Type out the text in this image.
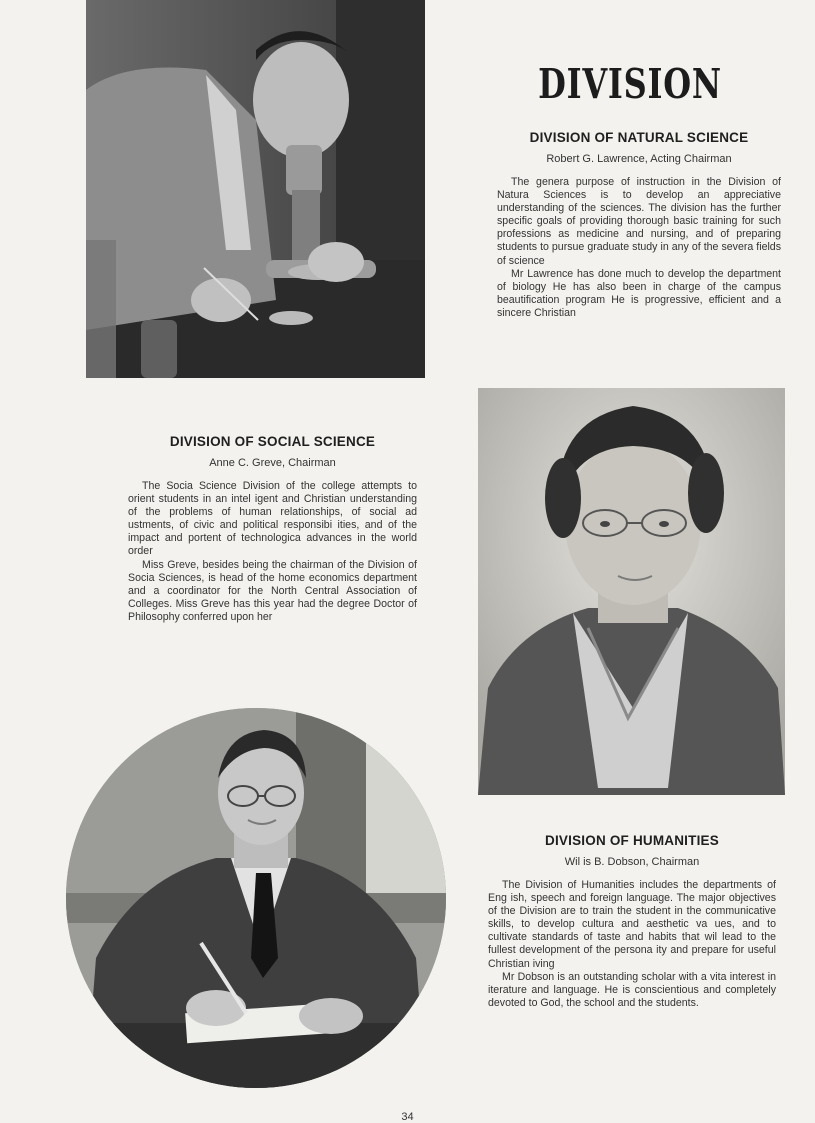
DIVISION
DIVISION OF NATURAL SCIENCE
Robert G. Lawrence, Acting Chairman

The genera purpose of instruction in the Division of Natura Sciences is to develop an appreciative understanding of the sciences. The division has the further specific goals of providing thorough basic training for such professions as medicine and nursing, and of preparing students to pursue graduate study in any of the severa fields of science

Mr Lawrence has done much to develop the department of biology He has also been in charge of the campus beautification program He is progressive, efficient and a sincere Christian

DIVISION OF SOCIAL SCIENCE
Anne C. Greve, Chairman

The Socia Science Division of the college attempts to orient students in an intel igent and Christian understanding of the problems of human relationships, of social ad ustments, of civic and political responsibi ities, and of the impact and portent of technologica advances in the world order

Miss Greve, besides being the chairman of the Division of Socia Sciences, is head of the home economics department and a coordinator for the North Central Association of Colleges. Miss Greve has this year had the degree Doctor of Philosophy conferred upon her

DIVISION OF HUMANITIES
Wil is B. Dobson, Chairman

The Division of Humanities includes the departments of Eng ish, speech and foreign language. The major objectives of the Division are to train the student in the communicative skills, to develop cultura and aesthetic va ues, and to cultivate standards of taste and habits that wil lead to the fullest development of the persona ity and prepare for useful Christian iving

Mr Dobson is an outstanding scholar with a vita interest in iterature and language. He is conscientious and completely devoted to God, the school and the students.

34
